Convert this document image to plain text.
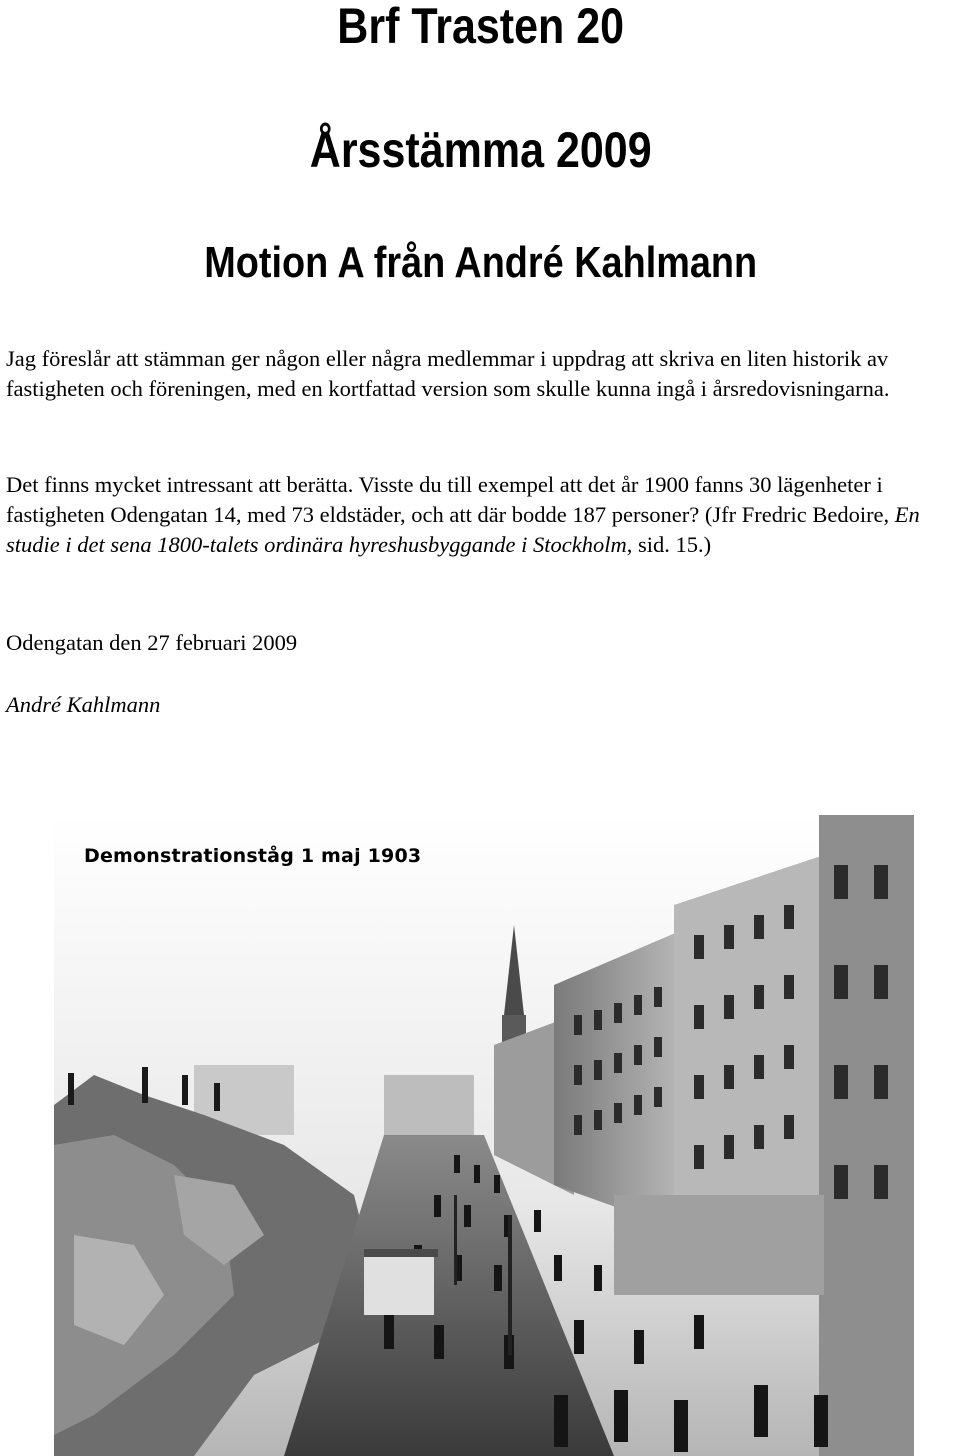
Brf Trasten 20
Årsstämma 2009
Motion A från André Kahlmann

Jag föreslår att stämman ger någon eller några medlemmar i uppdrag att skriva en liten historik av fastigheten och föreningen, med en kortfattad version som skulle kunna ingå i årsredovisningarna.

Det finns mycket intressant att berätta. Visste du till exempel att det år 1900 fanns 30 lägenheter i fastigheten Odengatan 14, med 73 eldstäder, och att där bodde 187 personer? (Jfr Fredric Bedoire, En studie i det sena 1800-talets ordinära hyreshusbyggande i Stockholm, sid. 15.)

Odengatan den 27 februari 2009

André Kahlmann

Demonstrationståg 1 maj 1903
